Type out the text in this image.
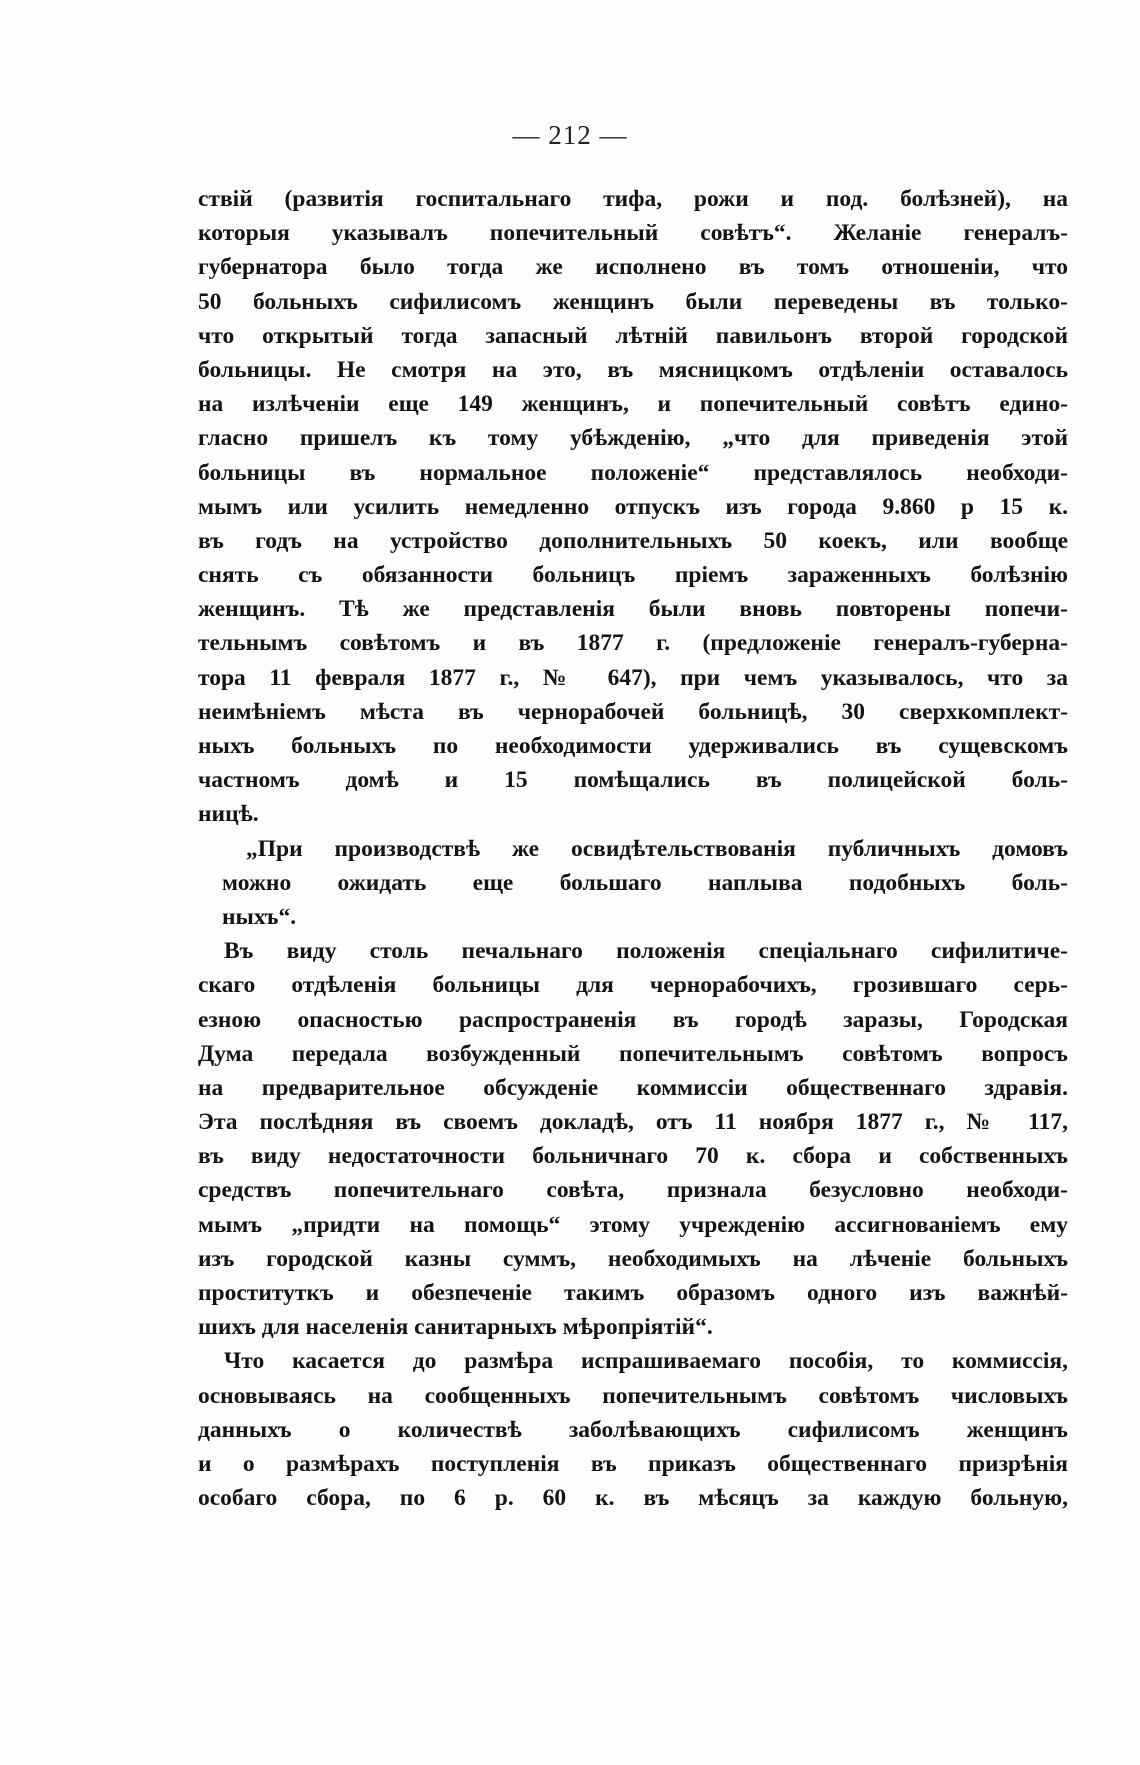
— 212 —
ствій (развитія госпитальнаго тифа, рожи и под. болѣзней), на
которыя указывалъ попечительный совѣтъ“. Желаніе генералъ-
губернатора было тогда же исполнено въ томъ отношеніи, что
50 больныхъ сифилисомъ женщинъ были переведены въ только-
что открытый тогда запасный лѣтній павильонъ второй городской
больницы. Не смотря на это, въ мясницкомъ отдѣленіи оставалось
на излѣченіи еще 149 женщинъ, и попечительный совѣтъ едино-
гласно пришелъ къ тому убѣжденію, „что для приведенія этой
больницы въ нормальное положеніе“ представлялось необходи-
мымъ или усилить немедленно отпускъ изъ города 9.860 р 15 к.
въ годъ на устройство дополнительныхъ 50 коекъ, или вообще
снять съ обязанности больницъ пріемъ зараженныхъ болѣзнію
женщинъ. Тѣ же представленія были вновь повторены попечи-
тельнымъ совѣтомъ и въ 1877 г. (предложеніе генералъ-губерна-
тора 11 февраля 1877 г., № 647), при чемъ указывалось, что за
неимѣніемъ мѣста въ чернорабочей больницѣ, 30 сверхкомплект-
ныхъ больныхъ по необходимости удерживались въ сущевскомъ
частномъ домѣ и 15 помѣщались въ полицейской боль-
ницѣ.
„При производствѣ же освидѣтельствованія публичныхъ домовъ
можно ожидать еще большаго наплыва подобныхъ боль-
ныхъ“.
Въ виду столь печальнаго положенія спеціальнаго сифилитиче-
скаго отдѣленія больницы для чернорабочихъ, грозившаго серь-
езною опасностью распространенія въ городѣ заразы, Городская
Дума передала возбужденный попечительнымъ совѣтомъ вопросъ
на предварительное обсужденіе коммиссіи общественнаго здравія.
Эта послѣдняя въ своемъ докладѣ, отъ 11 ноября 1877 г., № 117,
въ виду недостаточности больничнаго 70 к. сбора и собственныхъ
средствъ попечительнаго совѣта, признала безусловно необходи-
мымъ „придти на помощь“ этому учрежденію ассигнованіемъ ему
изъ городской казны суммъ, необходимыхъ на лѣченіе больныхъ
проституткъ и обезпеченіе такимъ образомъ одного изъ важнѣй-
шихъ для населенія санитарныхъ мѣропріятій“.
Что касается до размѣра испрашиваемаго пособія, то коммиссія,
основываясь на сообщенныхъ попечительнымъ совѣтомъ числовыхъ
данныхъ о количествѣ заболѣвающихъ сифилисомъ женщинъ
и о размѣрахъ поступленія въ приказъ общественнаго призрѣнія
особаго сбора, по 6 р. 60 к. въ мѣсяцъ за каждую больную,
